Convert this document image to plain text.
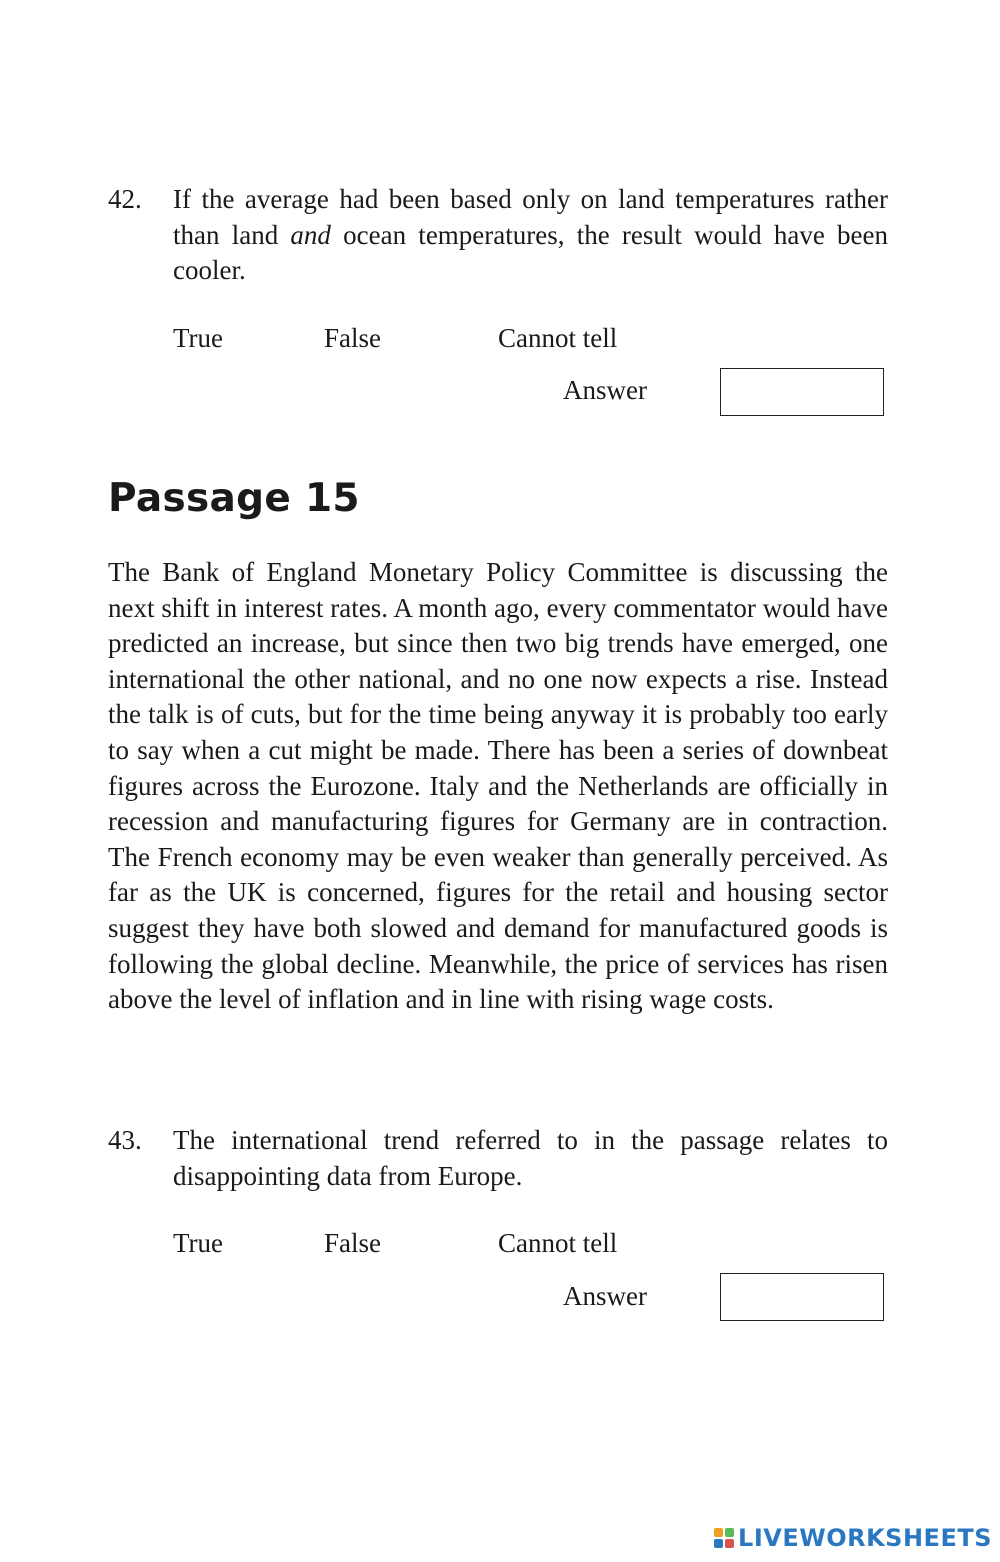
42.	If the average had been based only on land temperatures rather than land and ocean temperatures, the result would have been cooler.
True	False	Cannot tell
Answer
Passage 15

The Bank of England Monetary Policy Committee is discussing the next shift in interest rates. A month ago, every commentator would have predicted an increase, but since then two big trends have emerged, one international the other national, and no one now expects a rise. Instead the talk is of cuts, but for the time being anyway it is probably too early to say when a cut might be made. There has been a series of downbeat figures across the Eurozone. Italy and the Netherlands are officially in recession and manufacturing figures for Germany are in contraction. The French economy may be even weaker than generally perceived. As far as the UK is concerned, figures for the retail and housing sector suggest they have both slowed and demand for manufactured goods is following the global decline. Meanwhile, the price of services has risen above the level of inflation and in line with rising wage costs.

43.	The international trend referred to in the passage relates to disappointing data from Europe.
True	False	Cannot tell
Answer
LIVEWORKSHEETS
